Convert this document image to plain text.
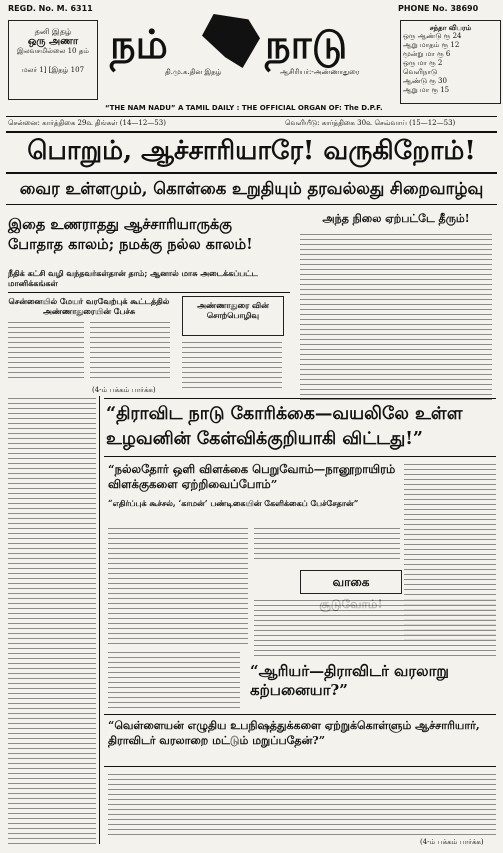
REGD. No. M. 6311
தனி இதழ்
ஒரு அணா
இலவசமில்லை 10 தம்
மலர் 1] [இதழ் 107
நம் நாடு
தி.மு.க.தின இதழ்	ஆசிரியர்:-அண்ணாதுரை
PHONE No. 38690
சந்தா விபரம்
ஒரு ஆண்டு ரூ 24
ஆறு மாதம் ரூ 12
மூன்று மா ரூ 6
ஒரு மா ரூ 2
வெளிநாடு
ஆண்டு ரூ 30
ஆறு மா ரூ 15
“THE NAM NADU” A TAMIL DAILY : THE OFFICIAL ORGAN OF: The D.P.F.
சென்னை: கார்த்திகை 29௳ திங்கள் (14—12—53)	வெளியீடு: கார்த்திகை 30௳ செவ்வாய் (15—12—53)
பொறும், ஆச்சாரியாரே! வருகிறோம்!
வைர உள்ளமும், கொள்கை உறுதியும் தரவல்லது சிறைவாழ்வு
இதை உணராதது ஆச்சாரியாருக்கு போதாத காலம்; நமக்கு நல்ல காலம்!
அந்த நிலை ஏற்பட்டே தீரும்!
நீதிக் கட்சி வழி வந்தவர்கள்தான் தாம்; ஆனால் மாசு அடைக்கப்பட்ட மானிக்கங்கள்
சென்னையில் மேயர் வரவேற்புக் கூட்டத்தில் அண்ணாதுரையின் பேச்சு
(4-ம் பக்கம் பார்க்க)
அண்ணாதுரை வின்
சொற்பொழிவு
“திராவிட நாடு கோரிக்கை—வயலிலே உள்ள உழவனின் கேள்விக்குறியாகி விட்டது!”
“நல்லதோர் ஒளி விளக்கை பெறுவோம்—நானூறாயிரம் விளக்குகளை ஏற்றிவைப்போம்”
“எதிர்ப்புக் கூச்சல், ‘காமன்’ பண்டிகையின் கேளிக்கைப் பேச்சேதான்”
வாகை
“ஆரியர்—திராவிடர் வரலாறு கற்பனையா?”
“வெள்ளையன் எழுதிய உபநிஷத்துக்களை ஏற்றுக்கொள்ளும் ஆச்சாரியார், திராவிடர் வரலாறை மட்டும் மறுப்பதேன்?”
(4-ம் பக்கம் பார்க்க)
